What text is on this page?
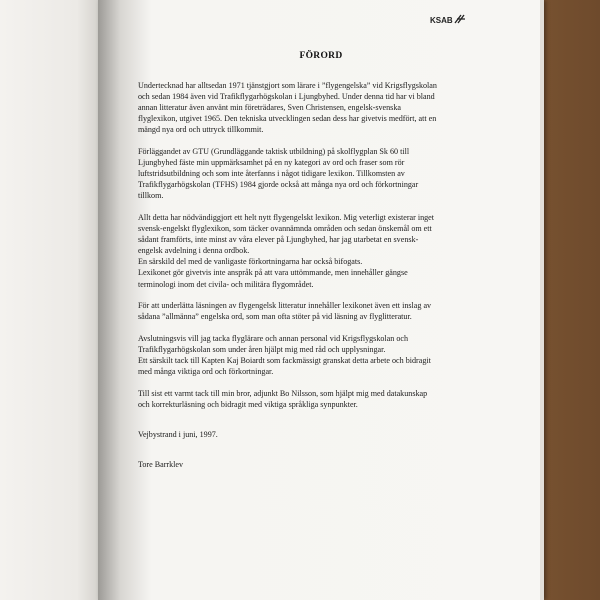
KSAB
FÖRORD

Undertecknad har alltsedan 1971 tjänstgjort som lärare i ”flygengelska” vid Krigsflygskolan
och sedan 1984 även vid Trafikflygarhögskolan i Ljungbyhed. Under denna tid har vi bland
annan litteratur även använt min företrädares, Sven Christensen, engelsk-svenska
flyglexikon, utgivet 1965. Den tekniska utvecklingen sedan dess har givetvis medfört, att en
mängd nya ord och uttryck tillkommit.

Förläggandet av GTU (Grundläggande taktisk utbildning) på skolflygplan Sk 60 till
Ljungbyhed fäste min uppmärksamhet på en ny kategori av ord och fraser som rör
luftstridsutbildning och som inte återfanns i något tidigare lexikon. Tillkomsten av
Trafikflygarhögskolan (TFHS) 1984 gjorde också att många nya ord och förkortningar
tillkom.

Allt detta har nödvändiggjort ett helt nytt flygengelskt lexikon. Mig veterligt existerar inget
svensk-engelskt flyglexikon, som täcker ovannämnda områden och sedan önskemål om ett
sådant framförts, inte minst av våra elever på Ljungbyhed, har jag utarbetat en svensk-
engelsk avdelning i denna ordbok.
En särskild del med de vanligaste förkortningarna har också bifogats.
Lexikonet gör givetvis inte anspråk på att vara uttömmande, men innehåller gängse
terminologi inom det civila- och militära flygområdet.

För att underlätta läsningen av flygengelsk litteratur innehåller lexikonet även ett inslag av
sådana ”allmänna” engelska ord, som man ofta stöter på vid läsning av flyglitteratur.

Avslutningsvis vill jag tacka flyglärare och annan personal vid Krigsflygskolan och
Trafikflygarhögskolan som under åren hjälpt mig med råd och upplysningar.
Ett särskilt tack till Kapten Kaj Boiardt som fackmässigt granskat detta arbete och bidragit
med många viktiga ord och förkortningar.

Till sist ett varmt tack till min bror, adjunkt Bo Nilsson, som hjälpt mig med datakunskap
och korrekturläsning och bidragit med viktiga språkliga synpunkter.

Vejbystrand i juni, 1997.

Tore Barrklev
